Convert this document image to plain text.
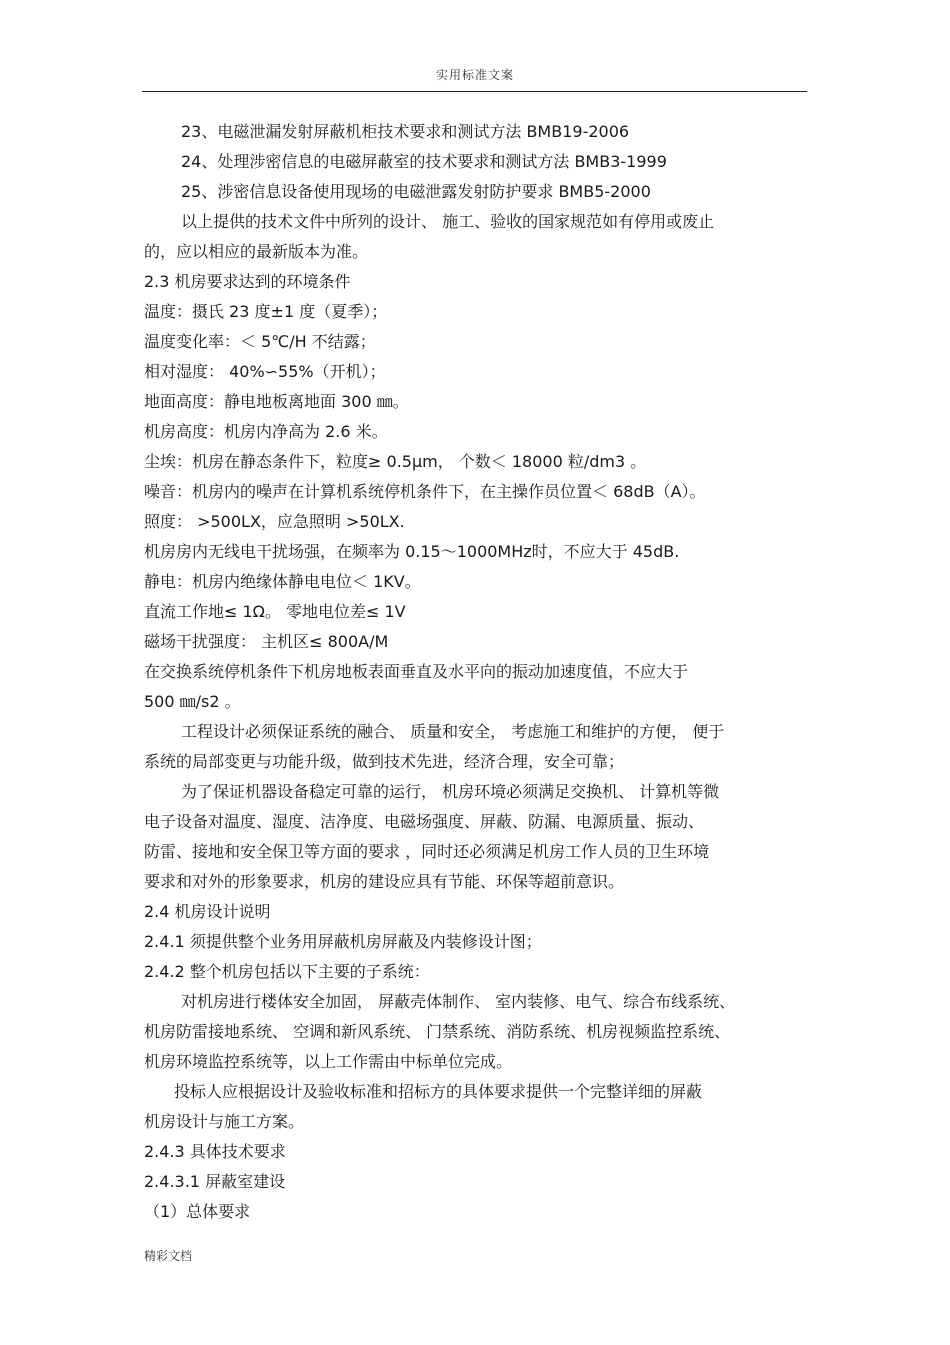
实用标准文案
23、电磁泄漏发射屏蔽机柜技术要求和测试方法 BMB19-2006
24、处理涉密信息的电磁屏蔽室的技术要求和测试方法 BMB3-1999
25、涉密信息设备使用现场的电磁泄露发射防护要求 BMB5-2000
以上提供的技术文件中所列的设计、 施工、验收的国家规范如有停用或废止
的，应以相应的最新版本为准。
2.3 机房要求达到的环境条件
温度：摄氏 23 度±1 度（夏季）；
温度变化率：＜ 5℃/H 不结露；
相对湿度： 40%∽55%（开机）；
地面高度：静电地板离地面 300 ㎜。
机房高度：机房内净高为 2.6 米。
尘埃：机房在静态条件下，粒度≥ 0.5μm， 个数＜ 18000 粒/dm3 。
噪音：机房内的噪声在计算机系统停机条件下，在主操作员位置＜ 68dB（A）。
照度： >500LX，应急照明 >50LX.
机房房内无线电干扰场强，在频率为 0.15～1000MHz时，不应大于 45dB.
静电：机房内绝缘体静电电位＜ 1KV。
直流工作地≤ 1Ω。 零地电位差≤ 1V
磁场干扰强度： 主机区≤ 800A/M
在交换系统停机条件下机房地板表面垂直及水平向的振动加速度值，不应大于
500 ㎜/s2 。
工程设计必须保证系统的融合、 质量和安全， 考虑施工和维护的方便， 便于
系统的局部变更与功能升级，做到技术先进，经济合理，安全可靠；
为了保证机器设备稳定可靠的运行， 机房环境必须满足交换机、 计算机等微
电子设备对温度、湿度、洁净度、电磁场强度、屏蔽、防漏、电源质量、振动、
防雷、接地和安全保卫等方面的要求 ，同时还必须满足机房工作人员的卫生环境
要求和对外的形象要求，机房的建设应具有节能、环保等超前意识。
2.4 机房设计说明
2.4.1 须提供整个业务用屏蔽机房屏蔽及内装修设计图；
2.4.2 整个机房包括以下主要的子系统：
对机房进行楼体安全加固， 屏蔽壳体制作、 室内装修、电气、综合布线系统、
机房防雷接地系统、 空调和新风系统、 门禁系统、消防系统、机房视频监控系统、
机房环境监控系统等，以上工作需由中标单位完成。
投标人应根据设计及验收标准和招标方的具体要求提供一个完整详细的屏蔽
机房设计与施工方案。
2.4.3 具体技术要求
2.4.3.1 屏蔽室建设
（1）总体要求
精彩文档
